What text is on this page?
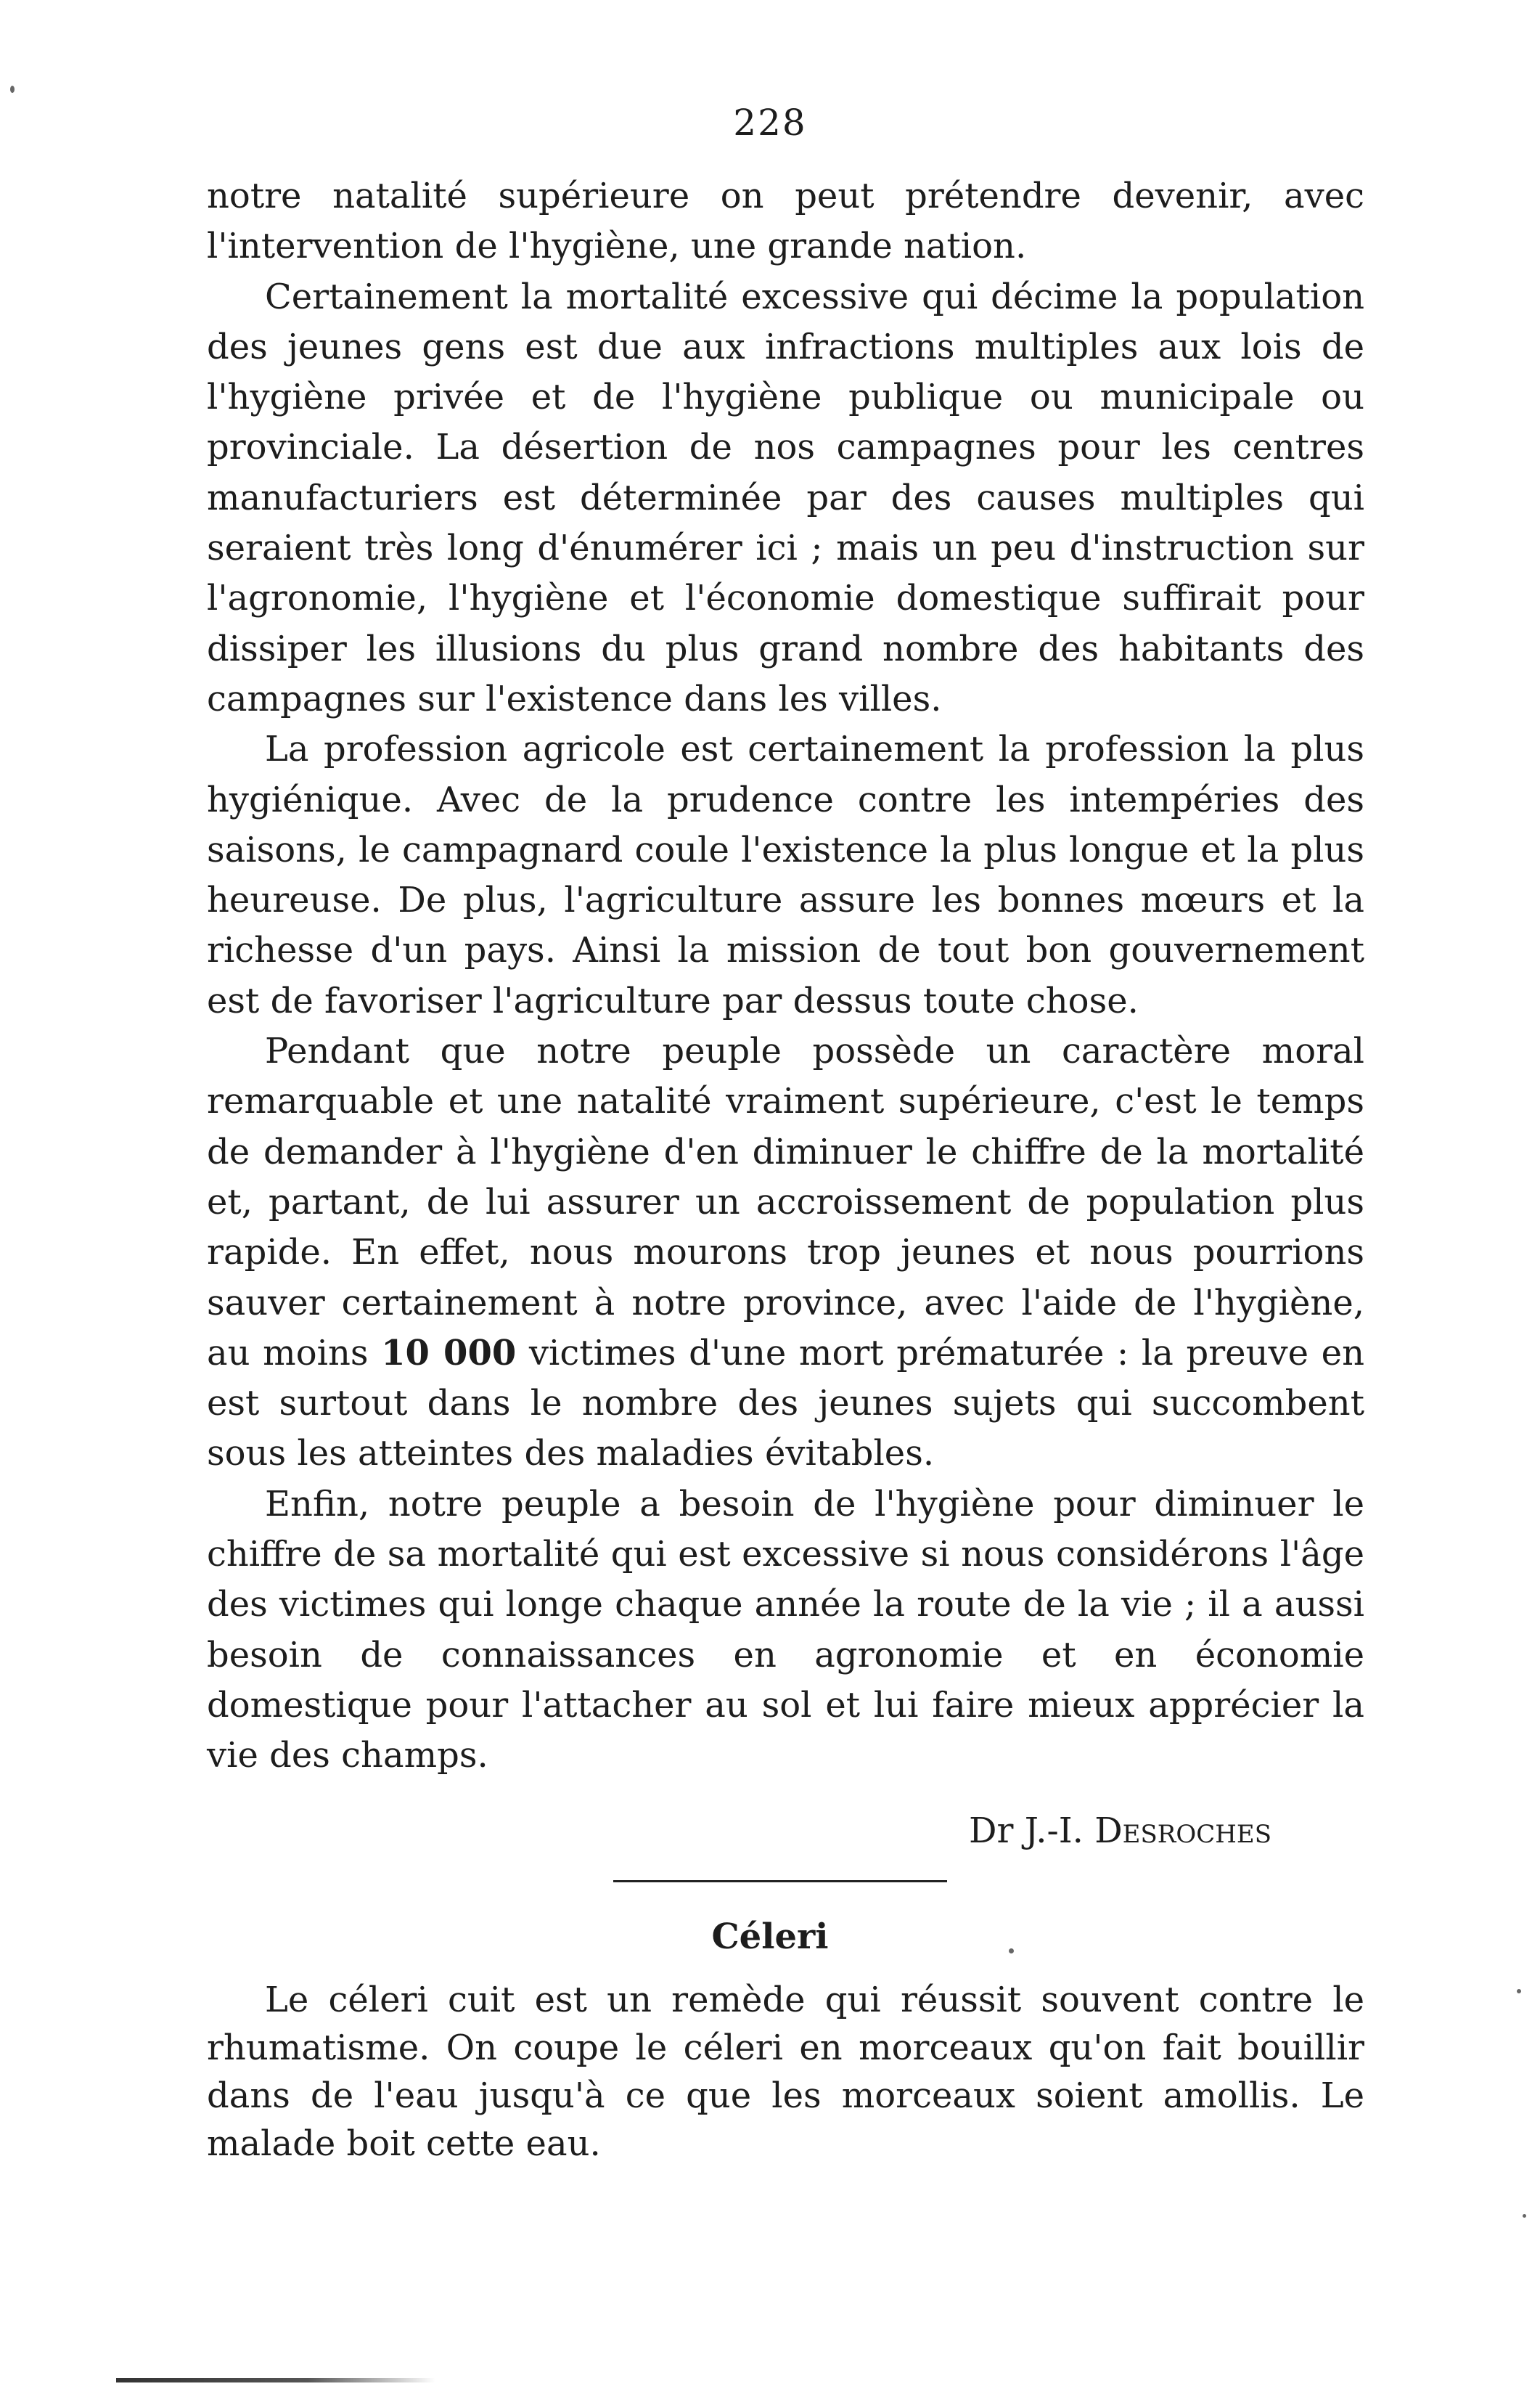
228

notre natalité supérieure on peut prétendre devenir, avec l'intervention de l'hygiène, une grande nation.

Certainement la mortalité excessive qui décime la population des jeunes gens est due aux infractions multiples aux lois de l'hygiène privée et de l'hygiène publique ou municipale ou provinciale. La désertion de nos campagnes pour les centres manufacturiers est déterminée par des causes multiples qui seraient très long d'énumérer ici ; mais un peu d'instruction sur l'agronomie, l'hygiène et l'économie domestique suffirait pour dissiper les illusions du plus grand nombre des habitants des campagnes sur l'existence dans les villes.

La profession agricole est certainement la profession la plus hygiénique. Avec de la prudence contre les intempéries des saisons, le campagnard coule l'existence la plus longue et la plus heureuse. De plus, l'agriculture assure les bonnes mœurs et la richesse d'un pays. Ainsi la mission de tout bon gouvernement est de favoriser l'agriculture par dessus toute chose.

Pendant que notre peuple possède un caractère moral remarquable et une natalité vraiment supérieure, c'est le temps de demander à l'hygiène d'en diminuer le chiffre de la mortalité et, partant, de lui assurer un accroissement de population plus rapide. En effet, nous mourons trop jeunes et nous pourrions sauver certainement à notre province, avec l'aide de l'hygiène, au moins 10 000 victimes d'une mort prématurée : la preuve en est surtout dans le nombre des jeunes sujets qui succombent sous les atteintes des maladies évitables.

Enfin, notre peuple a besoin de l'hygiène pour diminuer le chiffre de sa mortalité qui est excessive si nous considérons l'âge des victimes qui longe chaque année la route de la vie ; il a aussi besoin de connaissances en agronomie et en économie domestique pour l'attacher au sol et lui faire mieux apprécier la vie des champs.

Dr J.-I. Desroches
Céleri

Le céleri cuit est un remède qui réussit souvent contre le rhumatisme. On coupe le céleri en morceaux qu'on fait bouillir dans de l'eau jusqu'à ce que les morceaux soient amollis. Le malade boit cette eau.
